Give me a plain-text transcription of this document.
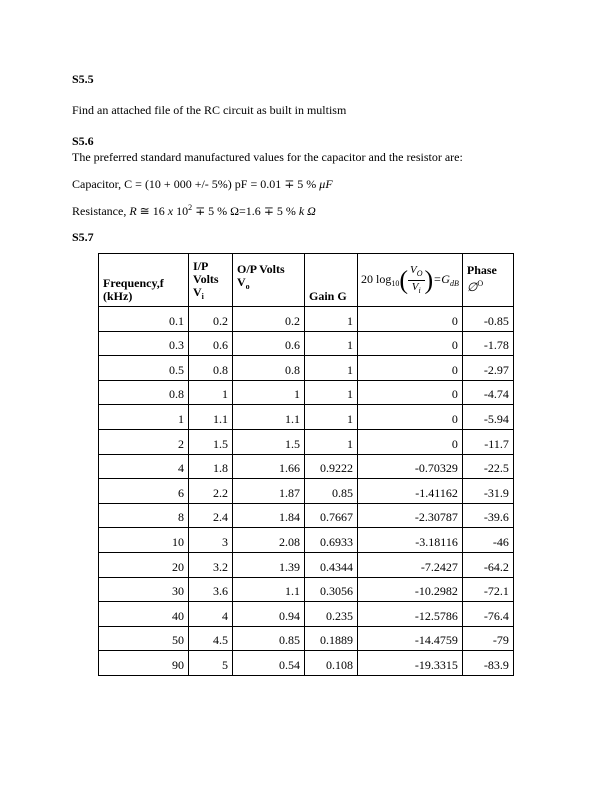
S5.5
Find an attached file of the RC circuit as built in multism
S5.6
The preferred standard manufactured values for the capacitor and the resistor are:
Capacitor, C = (10 + 000 +/- 5%) pF = 0.01 ∓ 5 % μF
Resistance, R ≅ 16 x $10^2 \mp 5$ % Ω=1.6 ∓ 5 % k Ω
S5.7
Frequency,f
(kHz)	I/P
Volts
$V_i$	O/P Volts
$V_o$	Gain G	20 $\log_{10}( \frac{V_O}{V_i} )=G_{dB}$	Phase
∅$^O$
0.1	0.2	0.2	1	0	-0.85
0.3	0.6	0.6	1	0	-1.78
0.5	0.8	0.8	1	0	-2.97
0.8	1	1	1	0	-4.74
1	1.1	1.1	1	0	-5.94
2	1.5	1.5	1	0	-11.7
4	1.8	1.66	0.9222	-0.70329	-22.5
6	2.2	1.87	0.85	-1.41162	-31.9
8	2.4	1.84	0.7667	-2.30787	-39.6
10	3	2.08	0.6933	-3.18116	-46
20	3.2	1.39	0.4344	-7.2427	-64.2
30	3.6	1.1	0.3056	-10.2982	-72.1
40	4	0.94	0.235	-12.5786	-76.4
50	4.5	0.85	0.1889	-14.4759	-79
90	5	0.54	0.108	-19.3315	-83.9
